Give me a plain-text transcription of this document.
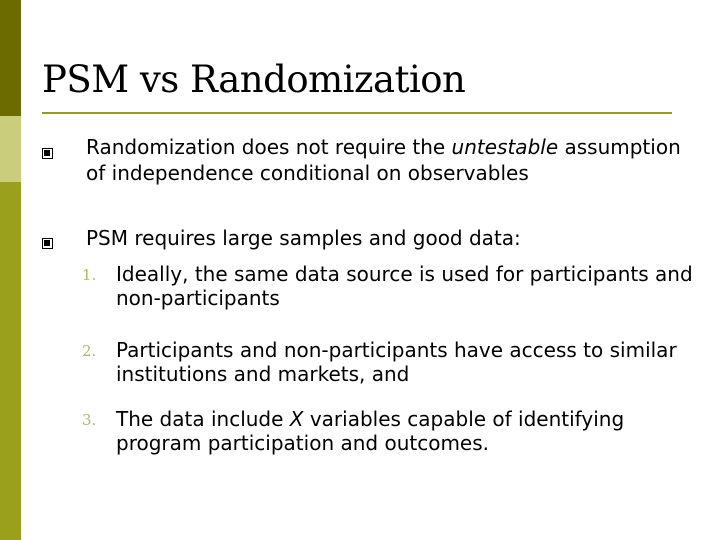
PSM vs Randomization
Randomization does not require the untestable assumption of independence conditional on observables
PSM requires large samples and good data:
1. Ideally, the same data source is used for participants and non-participants
2. Participants and non-participants have access to similar institutions and markets, and
3. The data include X variables capable of identifying program participation and outcomes.
